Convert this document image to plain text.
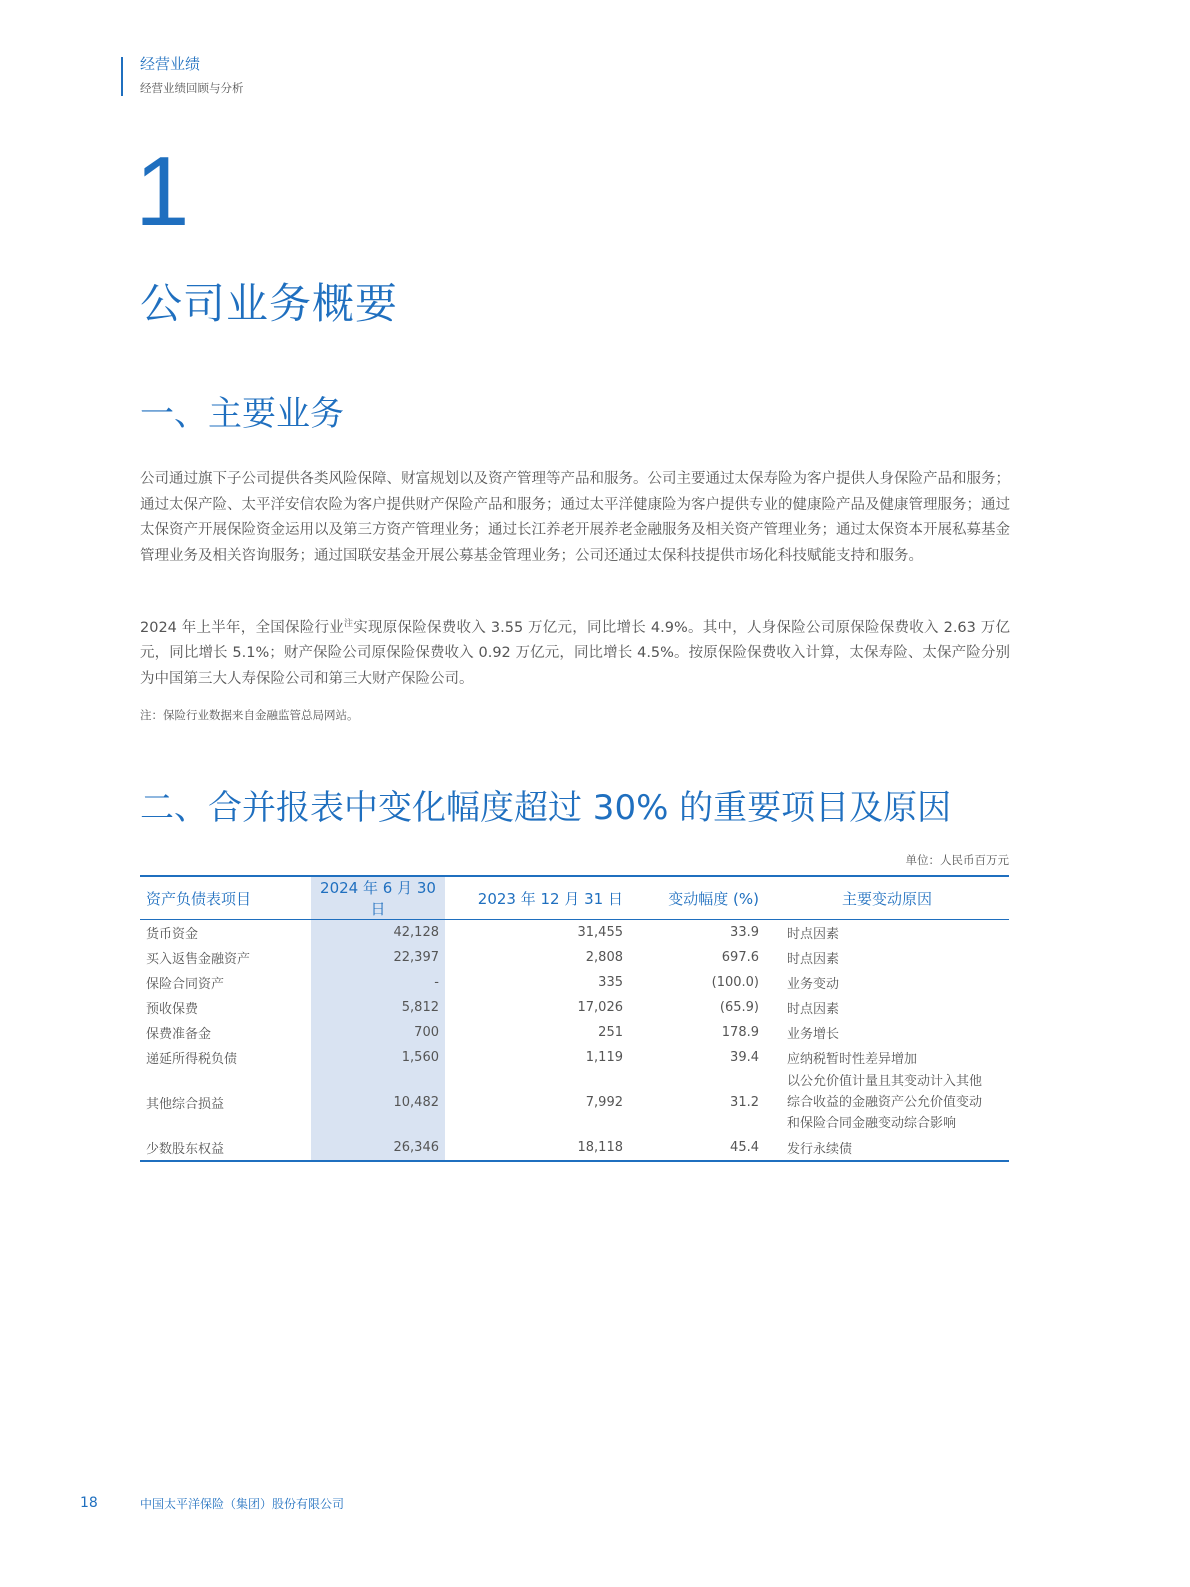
经营业绩
经营业绩回顾与分析
1
公司业务概要
一、主要业务
公司通过旗下子公司提供各类风险保障、财富规划以及资产管理等产品和服务。公司主要通过太保寿险为客户提供人身保险产品和服务；通过太保产险、太平洋安信农险为客户提供财产保险产品和服务；通过太平洋健康险为客户提供专业的健康险产品及健康管理服务；通过太保资产开展保险资金运用以及第三方资产管理业务；通过长江养老开展养老金融服务及相关资产管理业务；通过太保资本开展私募基金管理业务及相关咨询服务；通过国联安基金开展公募基金管理业务；公司还通过太保科技提供市场化科技赋能支持和服务。
2024 年上半年，全国保险行业$^注$实现原保险保费收入 3.55 万亿元，同比增长 4.9%。其中，人身保险公司原保险保费收入 2.63 万亿元，同比增长 5.1%；财产保险公司原保险保费收入 0.92 万亿元，同比增长 4.5%。按原保险保费收入计算，太保寿险、太保产险分别为中国第三大人寿保险公司和第三大财产保险公司。
注：保险行业数据来自金融监管总局网站。
二、合并报表中变化幅度超过 30% 的重要项目及原因
单位：人民币百万元
资产负债表项目	2024 年 6 月 30 日	2023 年 12 月 31 日	变动幅度 (%)	主要变动原因
货币资金	42,128	31,455	33.9	时点因素
买入返售金融资产	22,397	2,808	697.6	时点因素
保险合同资产	-	335	(100.0)	业务变动
预收保费	5,812	17,026	(65.9)	时点因素
保费准备金	700	251	178.9	业务增长
递延所得税负债	1,560	1,119	39.4	应纳税暂时性差异增加
其他综合损益	10,482	7,992	31.2	以公允价值计量且其变动计入其他
综合收益的金融资产公允价值变动
和保险合同金融变动综合影响

少数股东权益	26,346	18,118	45.4	发行永续债
18	中国太平洋保险（集团）股份有限公司
